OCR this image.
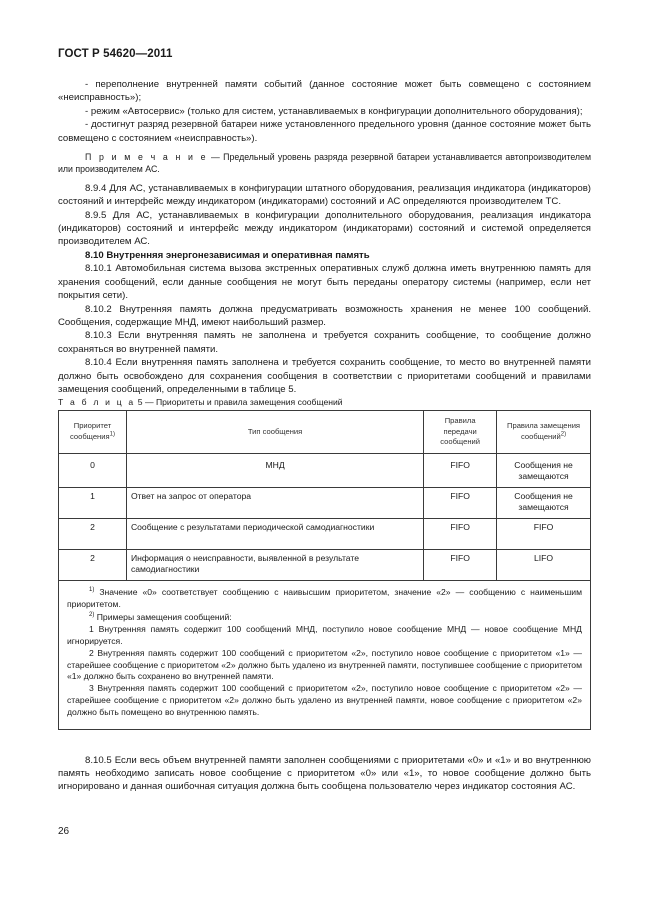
ГОСТ Р 54620—2011

- переполнение внутренней памяти событий (данное состояние может быть совмещено с состоянием «неисправность»);

- режим «Автосервис» (только для систем, устанавливаемых в конфигурации дополнительного оборудования);

- достигнут разряд резервной батареи ниже установленного предельного уровня (данное состояние может быть совмещено с состоянием «неисправность»).

П р и м е ч а н и е — Предельный уровень разряда резервной батареи устанавливается автопроизводителем или производителем АС.

8.9.4 Для АС, устанавливаемых в конфигурации штатного оборудования, реализация индикатора (индикаторов) состояний и интерфейс между индикатором (индикаторами) состояний и АС определяются производителем ТС.

8.9.5 Для АС, устанавливаемых в конфигурации дополнительного оборудования, реализация индикатора (индикаторов) состояний и интерфейс между индикатором (индикаторами) состояний и системой определяется производителем АС.

8.10 Внутренняя энергонезависимая и оперативная память

8.10.1 Автомобильная система вызова экстренных оперативных служб должна иметь внутреннюю память для хранения сообщений, если данные сообщения не могут быть переданы оператору системы (например, если нет покрытия сети).

8.10.2 Внутренняя память должна предусматривать возможность хранения не менее 100 сообщений. Сообщения, содержащие МНД, имеют наибольший размер.

8.10.3 Если внутренняя память не заполнена и требуется сохранить сообщение, то сообщение должно сохраняться во внутренней памяти.

8.10.4 Если внутренняя память заполнена и требуется сохранить сообщение, то место во внутренней памяти должно быть освобождено для сохранения сообщения в соответствии с приоритетами сообщений и правилами замещения сообщений, определенными в таблице 5.

Т а б л и ц а 5 — Приоритеты и правила замещения сообщений

Приоритет сообщения$^{1)}$	Тип сообщения	Правила передачи сообщений	Правила замещения сообщений$^{2)}$
0	МНД	FIFO	Сообщения не замещаются
1	Ответ на запрос от оператора	FIFO	Сообщения не замещаются
2	Сообщение с результатами периодической самодиагностики	FIFO	FIFO
2	Информация о неисправности, выявленной в результате самодиагностики	FIFO	LIFO

$^{1)}$ Значение «0» соответствует сообщению с наивысшим приоритетом, значение «2» — сообщению с наименьшим приоритетом.

$^{2)}$ Примеры замещения сообщений:

1 Внутренняя память содержит 100 сообщений МНД, поступило новое сообщение МНД — новое сообщение МНД игнорируется.

2 Внутренняя память содержит 100 сообщений с приоритетом «2», поступило новое сообщение с приоритетом «1» — старейшее сообщение с приоритетом «2» должно быть удалено из внутренней памяти, поступившее сообщение с приоритетом «1» должно быть сохранено во внутренней памяти.

3 Внутренняя память содержит 100 сообщений с приоритетом «2», поступило новое сообщение с приоритетом «2» — старейшее сообщение с приоритетом «2» должно быть удалено из внутренней памяти, новое сообщение с приоритетом «2» должно быть помещено во внутреннюю память.			

8.10.5 Если весь объем внутренней памяти заполнен сообщениями с приоритетами «0» и «1» и во внутреннюю память необходимо записать новое сообщение с приоритетом «0» или «1», то новое сообщение должно быть игнорировано и данная ошибочная ситуация должна быть сообщена пользователю через индикатор состояния АС.

26
